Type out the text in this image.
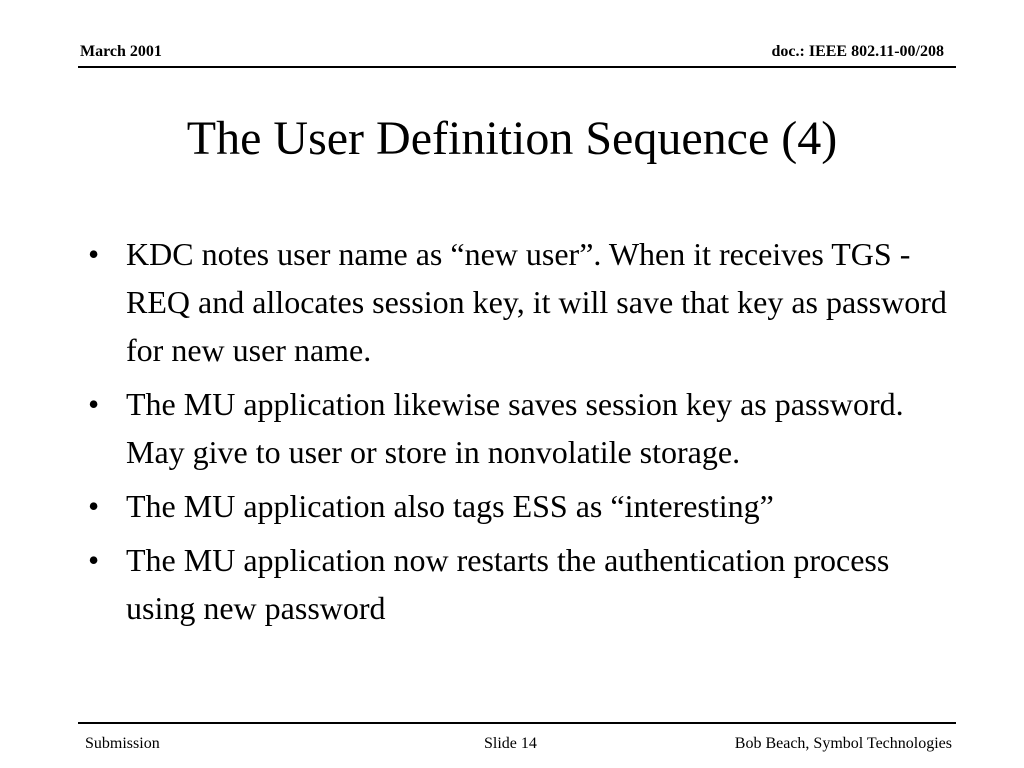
March 2001	doc.: IEEE 802.11-00/208
The User Definition Sequence (4)
• KDC notes user name as “new user”. When it receives TGS -REQ and allocates session key, it will save that key as password for new user name.
• The MU application likewise saves session key as password. May give to user or store in nonvolatile storage.
• The MU application also tags ESS as “interesting”
• The MU application now restarts the authentication process using new password
Submission	Slide 14	Bob Beach, Symbol Technologies
